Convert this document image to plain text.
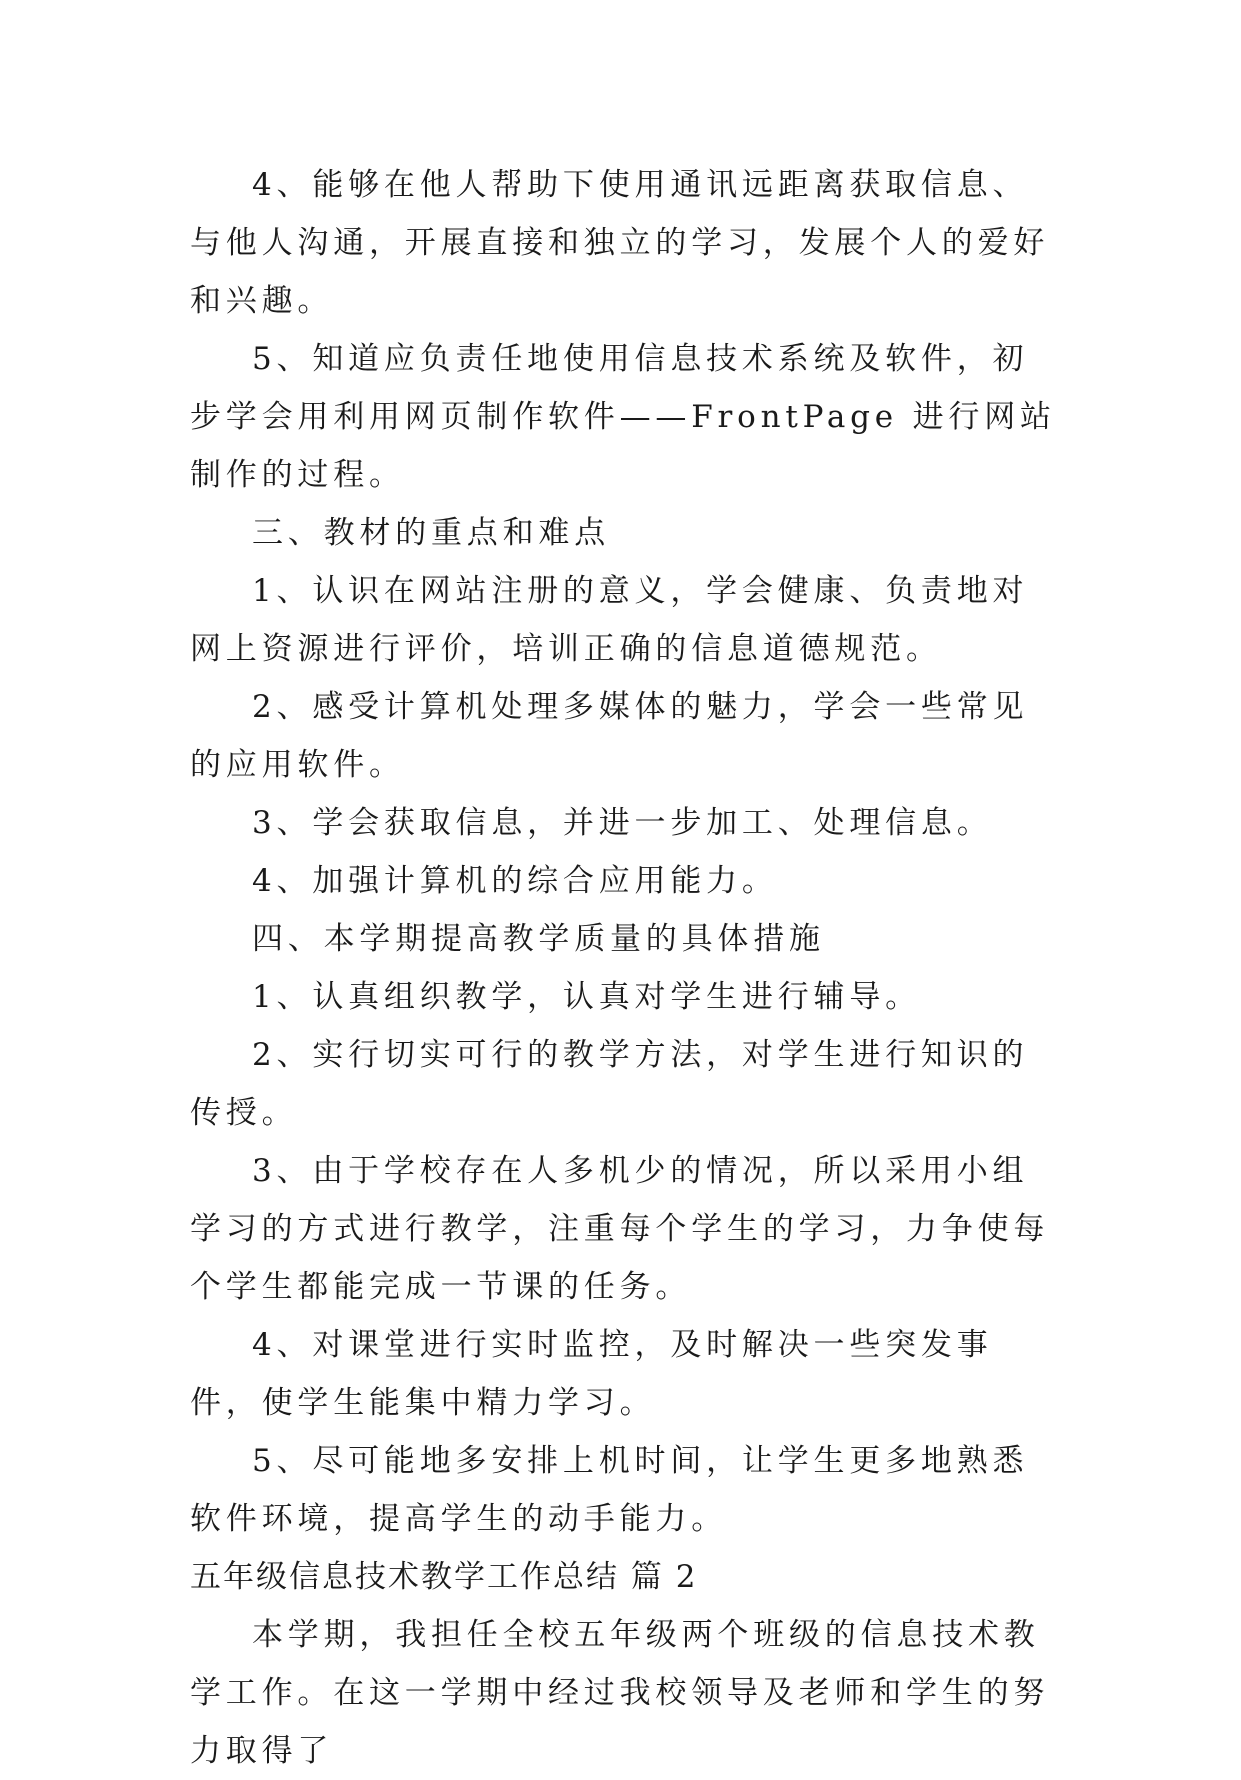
4、能够在他人帮助下使用通讯远距离获取信息、与他人沟通，开展直接和独立的学习，发展个人的爱好和兴趣。

5、知道应负责任地使用信息技术系统及软件，初步学会用利用网页制作软件——FrontPage 进行网站制作的过程。

三、教材的重点和难点

1、认识在网站注册的意义，学会健康、负责地对网上资源进行评价，培训正确的信息道德规范。

2、感受计算机处理多媒体的魅力，学会一些常见的应用软件。

3、学会获取信息，并进一步加工、处理信息。

4、加强计算机的综合应用能力。

四、本学期提高教学质量的具体措施

1、认真组织教学，认真对学生进行辅导。

2、实行切实可行的教学方法，对学生进行知识的传授。

3、由于学校存在人多机少的情况，所以采用小组学习的方式进行教学，注重每个学生的学习，力争使每个学生都能完成一节课的任务。

4、对课堂进行实时监控，及时解决一些突发事件，使学生能集中精力学习。

5、尽可能地多安排上机时间，让学生更多地熟悉软件环境，提高学生的动手能力。

五年级信息技术教学工作总结 篇 2

本学期，我担任全校五年级两个班级的信息技术教学工作。在这一学期中经过我校领导及老师和学生的努力取得了
